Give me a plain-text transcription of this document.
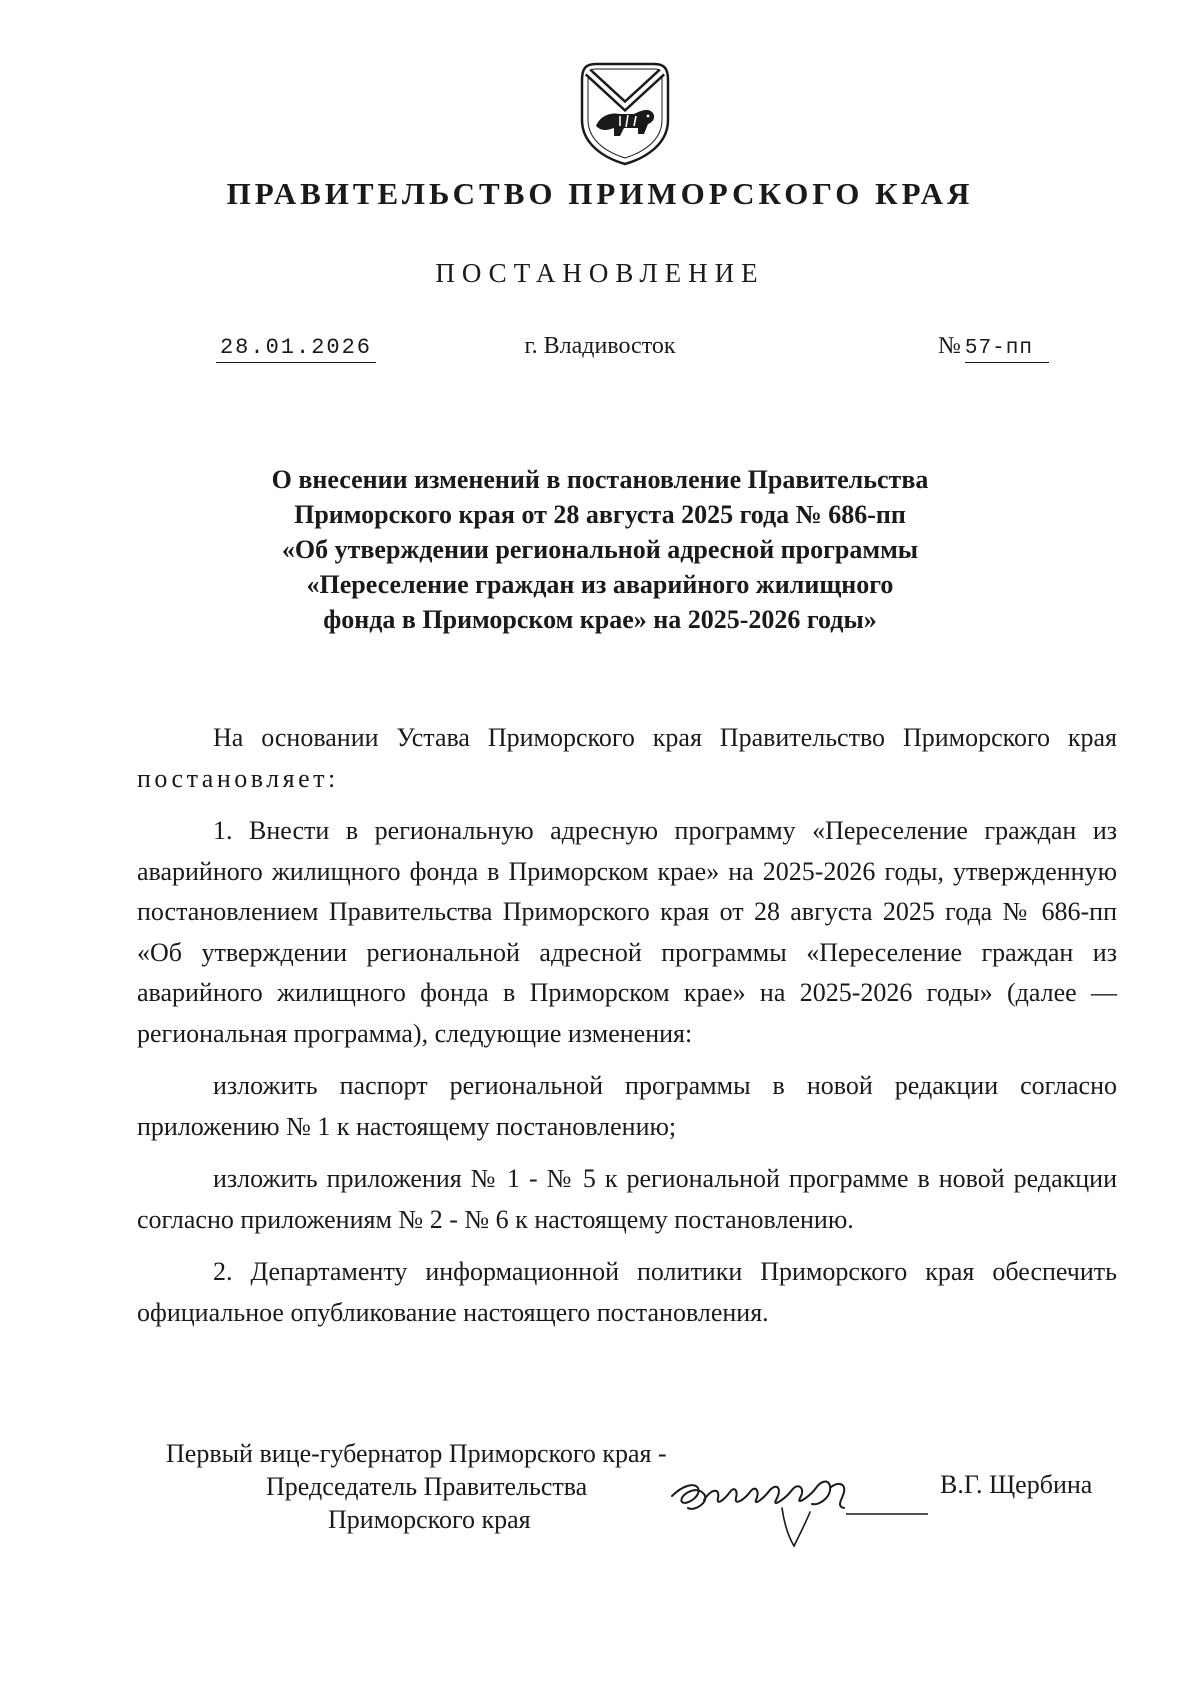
ПРАВИТЕЛЬСТВО ПРИМОРСКОГО КРАЯ
ПОСТАНОВЛЕНИЕ
28.01.2026	г. Владивосток	№ 57-пп
О внесении изменений в постановление Правительства
Приморского края от 28 августа 2025 года № 686-пп
«Об утверждении региональной адресной программы
«Переселение граждан из аварийного жилищного
фонда в Приморском крае» на 2025-2026 годы»

На основании Устава Приморского края Правительство Приморского края постановляет:

1. Внести в региональную адресную программу «Переселение граждан из аварийного жилищного фонда в Приморском крае» на 2025-2026 годы, утвержденную постановлением Правительства Приморского края от 28 августа 2025 года № 686-пп «Об утверждении региональной адресной программы «Переселение граждан из аварийного жилищного фонда в Приморском крае» на 2025-2026 годы» (далее — региональная программа), следующие изменения:

изложить паспорт региональной программы в новой редакции согласно приложению № 1 к настоящему постановлению;

изложить приложения № 1 - № 5 к региональной программе в новой редакции согласно приложениям № 2 - № 6 к настоящему постановлению.

2. Департаменту информационной политики Приморского края обеспечить официальное опубликование настоящего постановления.

Первый вице-губернатор Приморского края -
Председатель Правительства
Приморского края
В.Г. Щербина
